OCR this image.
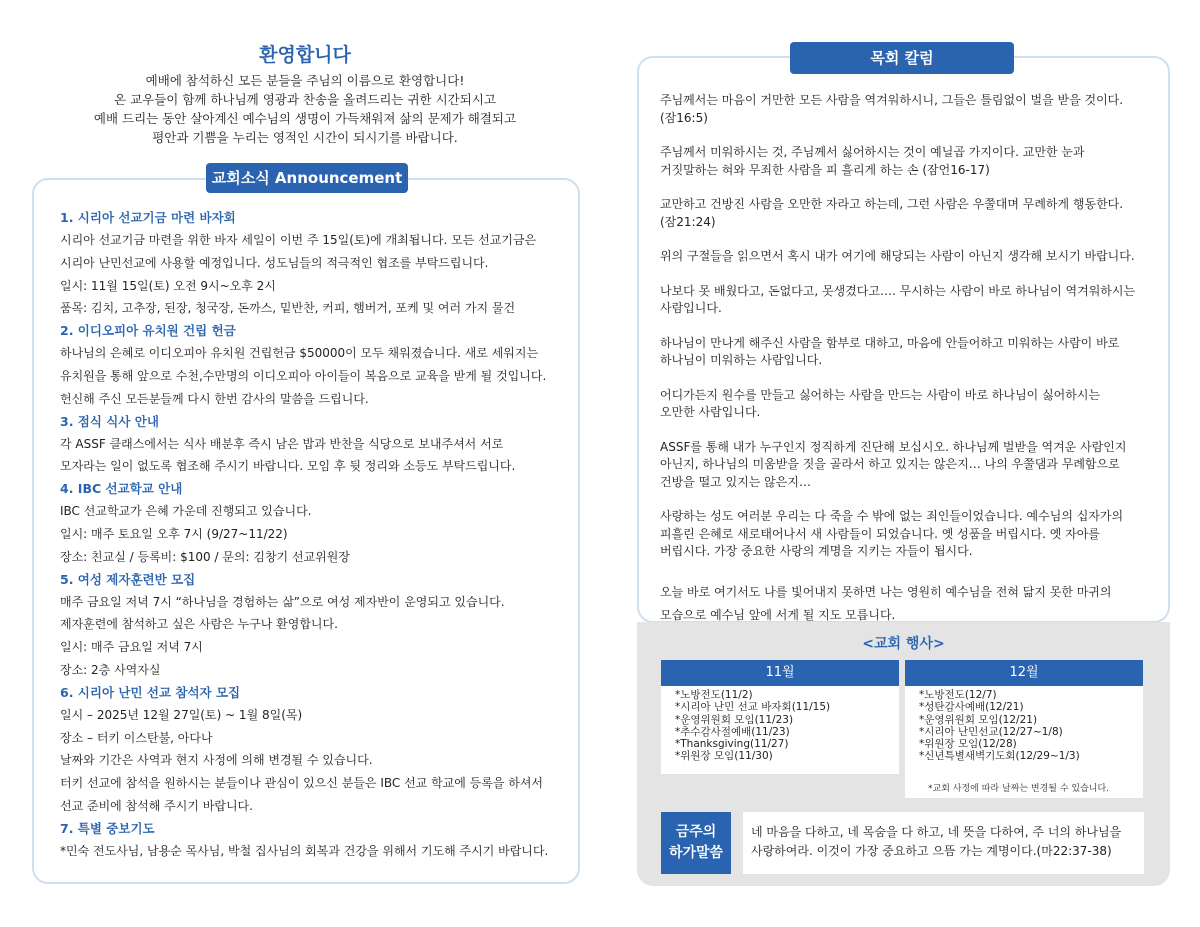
환영합니다
예배에 참석하신 모든 분들을 주님의 이름으로 환영합니다!
온 교우들이 함께 하나님께 영광과 찬송을 올려드리는 귀한 시간되시고
예배 드리는 동안 살아계신 예수님의 생명이 가득채워져 삶의 문제가 해결되고
평안과 기쁨을 누리는 영적인 시간이 되시기를 바랍니다.
교회소식 Announcement
1. 시리아 선교기금 마련 바자회
시리아 선교기금 마련을 위한 바자 세일이 이번 주 15일(토)에 개최됩니다. 모든 선교기금은
시리아 난민선교에 사용할 예정입니다. 성도님들의 적극적인 협조를 부탁드립니다.
일시: 11월 15일(토) 오전 9시~오후 2시
품목: 김치, 고추장, 된장, 청국장, 돈까스, 밑반찬, 커피, 햄버거, 포케 및 여러 가지 물건
2. 이디오피아 유치원 건립 헌금
하나님의 은혜로 이디오피아 유치원 건립헌금 $50000이 모두 채워졌습니다. 새로 세워지는
유치원을 통해 앞으로 수천,수만명의 이디오피아 아이들이 복음으로 교육을 받게 될 것입니다.
헌신해 주신 모든분들께 다시 한번 감사의 말씀을 드립니다.
3. 점식 식사 안내
각 ASSF 클래스에서는 식사 배분후 즉시 남은 밥과 반찬을 식당으로 보내주셔서 서로
모자라는 일이 없도록 협조해 주시기 바랍니다. 모임 후 뒷 정리와 소등도 부탁드립니다.
4. IBC 선교학교 안내
IBC 선교학교가 은혜 가운데 진행되고 있습니다.
일시: 매주 토요일 오후 7시 (9/27~11/22)
장소: 친교실 / 등록비: $100 / 문의: 김창기 선교위원장
5. 여성 제자훈련반 모집
매주 금요일 저녁 7시 “하나님을 경험하는 삶”으로 여성 제자반이 운영되고 있습니다.
제자훈련에 참석하고 싶은 사람은 누구나 환영합니다.
일시: 매주 금요일 저녁 7시
장소: 2층 사역자실
6. 시리아 난민 선교 참석자 모집
일시 – 2025년 12월 27일(토) ~ 1월 8일(목)
장소 – 터키 이스탄불, 아다나
날짜와 기간은 사역과 현지 사정에 의해 변경될 수 있습니다.
터키 선교에 참석을 원하시는 분들이나 관심이 있으신 분들은 IBC 선교 학교에 등록을 하셔서
선교 준비에 참석해 주시기 바랍니다.
7. 특별 중보기도
*민숙 전도사님, 남용순 목사님, 박철 집사님의 회복과 건강을 위해서 기도해 주시기 바랍니다.
목회 칼럼
주님께서는 마음이 거만한 모든 사람을 역겨워하시니, 그들은 틀림없이 벌을 받을 것이다.
(잠16:5)
주님께서 미워하시는 것, 주님께서 싫어하시는 것이 예닐곱 가지이다. 교만한 눈과
거짓말하는 혀와 무죄한 사람을 피 흘리게 하는 손 (잠언16-17)
교만하고 건방진 사람을 오만한 자라고 하는데, 그런 사람은 우쭐대며 무례하게 행동한다.
(잠21:24)
위의 구절들을 읽으면서 혹시 내가 여기에 해당되는 사람이 아닌지 생각해 보시기 바랍니다.
나보다 못 배웠다고, 돈없다고, 못생겼다고…. 무시하는 사람이 바로 하나님이 역겨워하시는
사람입니다.
하나님이 만나게 해주신 사람을 함부로 대하고, 마음에 안들어하고 미워하는 사람이 바로
하나님이 미워하는 사람입니다.
어디가든지 원수를 만들고 싫어하는 사람을 만드는 사람이 바로 하나님이 싫어하시는
오만한 사람입니다.
ASSF를 통해 내가 누구인지 정직하게 진단해 보십시오. 하나님께 벌받을 역겨운 사람인지
아닌지, 하나님의 미움받을 짓을 골라서 하고 있지는 않은지… 나의 우쭐댐과 무례함으로
건방을 떨고 있지는 않은지…
사랑하는 성도 여러분 우리는 다 죽을 수 밖에 없는 죄인들이었습니다. 예수님의 십자가의
피흘린 은혜로 새로태어나서 새 사람들이 되었습니다. 옛 성품을 버립시다. 옛 자아를
버립시다. 가장 중요한 사랑의 계명을 지키는 자들이 됩시다.
오늘 바로 여기서도 나를 빛어내지 못하면 나는 영원히 예수님을 전혀 닮지 못한 마귀의
모습으로 예수님 앞에 서게 될 지도 모릅니다.
<교회 행사>
11월
*노방전도(11/2)
*시리아 난민 선교 바자회(11/15)
*운영위원회 모임(11/23)
*추수감사절예배(11/23)
*Thanksgiving(11/27)
*위원장 모임(11/30)
12월
*노방전도(12/7)
*성탄감사예배(12/21)
*운영위원회 모임(12/21)
*시리아 난민선교(12/27~1/8)
*위원장 모임(12/28)
*신년특별새벽기도회(12/29~1/3)
*교회 사정에 따라 날짜는 변경될 수 있습니다.
금주의
하가말씀
네 마음을 다하고, 네 목숨을 다 하고, 네 뜻을 다하여, 주 너의 하나님을
사랑하여라. 이것이 가장 중요하고 으뜸 가는 계명이다.(마22:37-38)
